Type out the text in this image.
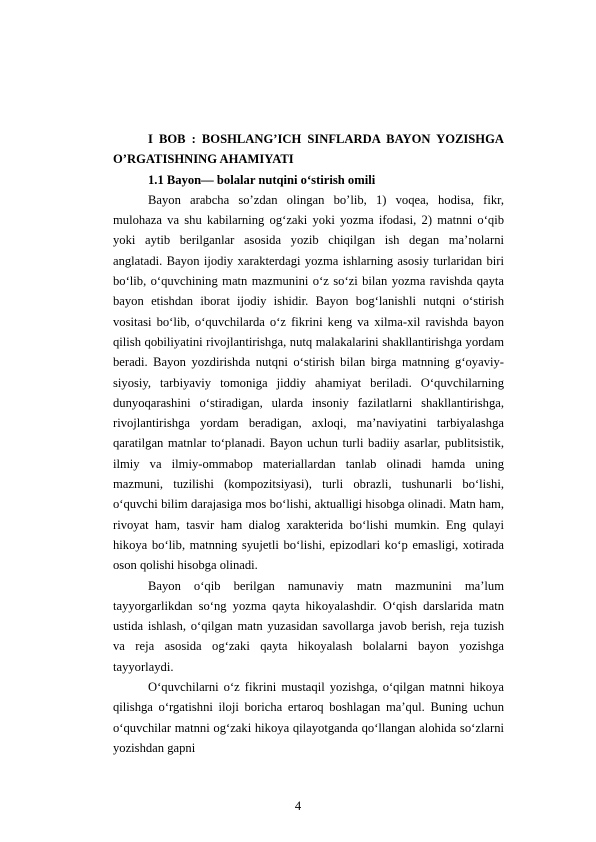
I BOB : BOSHLANG’ICH SINFLARDA BAYON YOZISHGA O’RGATISHNING AHAMIYATI

1.1 Bayon— bolalar nutqini o‘stirish omili

Bayon arabcha so’zdan olingan bo’lib, 1) voqea, hodisa, fikr, mulohaza va shu kabilarning og‘zaki yoki yozma ifodasi, 2) matnni o‘qib yoki aytib berilganlar asosida yozib chiqilgan ish degan ma’nolarni anglatadi. Bayon ijodiy xarakterdagi yozma ishlarning asosiy turlaridan biri bo‘lib, o‘quvchining matn mazmunini o‘z so‘zi bilan yozma ravishda qayta bayon etishdan iborat ijodiy ishidir. Bayon bog‘lanishli nutqni o‘stirish vositasi bo‘lib, o‘quvchilarda o‘z fikrini keng va xilma-xil ravishda bayon qilish qobiliyatini rivojlantirishga, nutq malakalarini shakllantirishga yordam beradi. Bayon yozdirishda nutqni o‘stirish bilan birga matnning g‘oyaviy-siyosiy, tarbiyaviy tomoniga jiddiy ahamiyat beriladi. O‘quvchilarning dunyoqarashini o‘stiradigan, ularda insoniy fazilatlarni shakllantirishga, rivojlantirishga yordam beradigan, axloqi, ma’naviyatini tarbiyalashga qaratilgan matnlar to‘planadi. Bayon uchun turli badiiy asarlar, publitsistik, ilmiy va ilmiy-ommabop materiallardan tanlab olinadi hamda uning mazmuni, tuzilishi (kompozitsiyasi), turli obrazli, tushunarli bo‘lishi, o‘quvchi bilim darajasiga mos bo‘lishi, aktualligi hisobga olinadi. Matn ham, rivoyat ham, tasvir ham dialog xarakterida bo‘lishi mumkin. Eng qulayi hikoya bo‘lib, matnning syujetli bo‘lishi, epizodlari ko‘p emasligi, xotirada oson qolishi hisobga olinadi.

Bayon o‘qib berilgan namunaviy matn mazmunini ma’lum tayyorgarlikdan so‘ng yozma qayta hikoyalashdir. O‘qish darslarida matn ustida ishlash, o‘qilgan matn yuzasidan savollarga javob berish, reja tuzish va reja asosida og‘zaki qayta hikoyalash bolalarni bayon yozishga tayyorlaydi.

O‘quvchilarni o‘z fikrini mustaqil yozishga, o‘qilgan matnni hikoya qilishga o‘rgatishni iloji boricha ertaroq boshlagan ma’qul. Buning uchun o‘quvchilar matnni og‘zaki hikoya qilayotganda qo‘llangan alohida so‘zlarni yozishdan gapni

4
